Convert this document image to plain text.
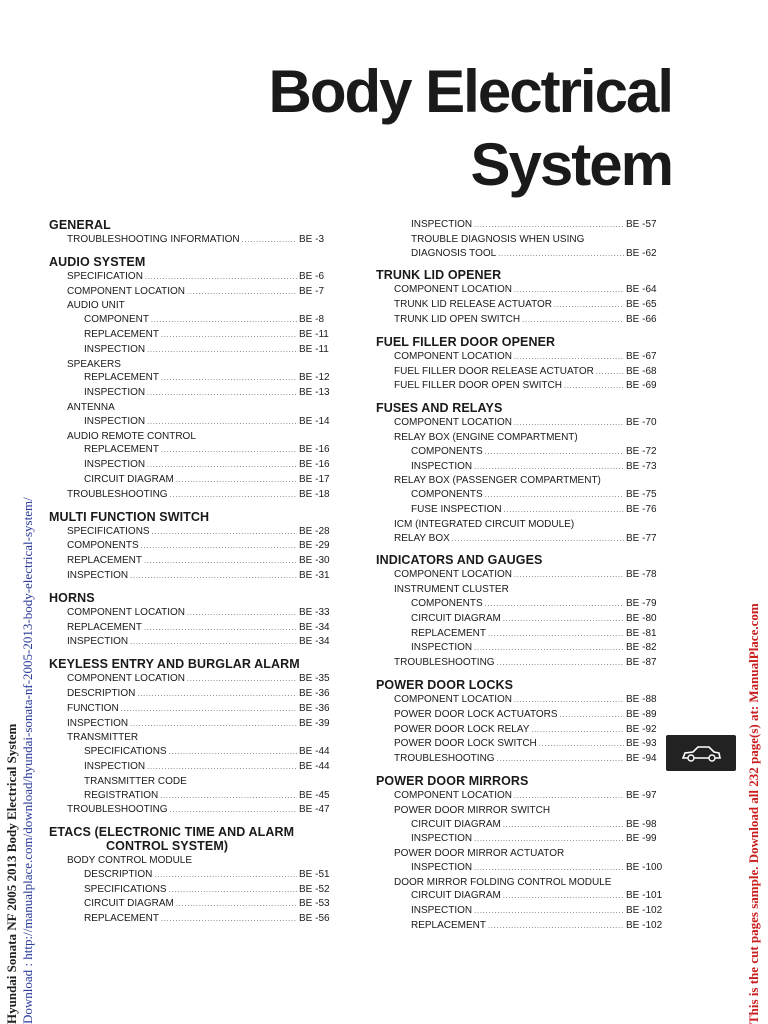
Body Electrical
System
GENERAL
TROUBLESHOOTING INFORMATION . . .	BE -3
AUDIO SYSTEM
SPECIFICATION . . .	BE -6
COMPONENT LOCATION . . .	BE -7
AUDIO UNIT
COMPONENT . . .	BE -8
REPLACEMENT . . .	BE -11
INSPECTION . . .	BE -11
SPEAKERS
REPLACEMENT . . .	BE -12
INSPECTION . . .	BE -13
ANTENNA
INSPECTION . . .	BE -14
AUDIO REMOTE CONTROL
REPLACEMENT . . .	BE -16
INSPECTION . . .	BE -16
CIRCUIT DIAGRAM . . .	BE -17
TROUBLESHOOTING . . .	BE -18
MULTI FUNCTION SWITCH
SPECIFICATIONS . . .	BE -28
COMPONENTS . . .	BE -29
REPLACEMENT . . .	BE -30
INSPECTION . . .	BE -31
HORNS
COMPONENT LOCATION . . .	BE -33
REPLACEMENT . . .	BE -34
INSPECTION . . .	BE -34
KEYLESS ENTRY AND BURGLAR ALARM
COMPONENT LOCATION . . .	BE -35
DESCRIPTION . . .	BE -36
FUNCTION . . .	BE -36
INSPECTION . . .	BE -39
TRANSMITTER
SPECIFICATIONS . . .	BE -44
INSPECTION . . .	BE -44
TRANSMITTER CODE
REGISTRATION . . .	BE -45
TROUBLESHOOTING . . .	BE -47
ETACS (ELECTRONIC TIME AND ALARM
CONTROL SYSTEM)
BODY CONTROL MODULE
DESCRIPTION . . .	BE -51
SPECIFICATIONS . . .	BE -52
CIRCUIT DIAGRAM . . .	BE -53
REPLACEMENT . . .	BE -56
INSPECTION . . .	BE -57
TROUBLE DIAGNOSIS WHEN USING
DIAGNOSIS TOOL . . .	BE -62
TRUNK LID OPENER
COMPONENT LOCATION . . .	BE -64
TRUNK LID RELEASE ACTUATOR . . .	BE -65
TRUNK LID OPEN SWITCH . . .	BE -66
FUEL FILLER DOOR OPENER
COMPONENT LOCATION . . .	BE -67
FUEL FILLER DOOR RELEASE ACTUATOR . . .	BE -68
FUEL FILLER DOOR OPEN SWITCH . . .	BE -69
FUSES AND RELAYS
COMPONENT LOCATION . . .	BE -70
RELAY BOX (ENGINE COMPARTMENT)
COMPONENTS . . .	BE -72
INSPECTION . . .	BE -73
RELAY BOX (PASSENGER COMPARTMENT)
COMPONENTS . . .	BE -75
FUSE INSPECTION . . .	BE -76
ICM (INTEGRATED CIRCUIT MODULE)
RELAY BOX . . .	BE -77
INDICATORS AND GAUGES
COMPONENT LOCATION . . .	BE -78
INSTRUMENT CLUSTER
COMPONENTS . . .	BE -79
CIRCUIT DIAGRAM . . .	BE -80
REPLACEMENT . . .	BE -81
INSPECTION . . .	BE -82
TROUBLESHOOTING . . .	BE -87
POWER DOOR LOCKS
COMPONENT LOCATION . . .	BE -88
POWER DOOR LOCK ACTUATORS . . .	BE -89
POWER DOOR LOCK RELAY . . .	BE -92
POWER DOOR LOCK SWITCH . . .	BE -93
TROUBLESHOOTING . . .	BE -94
POWER DOOR MIRRORS
COMPONENT LOCATION . . .	BE -97
POWER DOOR MIRROR SWITCH
CIRCUIT DIAGRAM . . .	BE -98
INSPECTION . . .	BE -99
POWER DOOR MIRROR ACTUATOR
INSPECTION . . .	BE -100
DOOR MIRROR FOLDING CONTROL MODULE
CIRCUIT DIAGRAM . . .	BE -101
INSPECTION . . .	BE -102
REPLACEMENT . . .	BE -102
Hyundai Sonata NF 2005 2013 Body Electrical System Download : http://manualplace.com/download/hyundai-sonata-nf-2005-2013-body-electrical-system/	This is the cut pages sample. Download all 232 page(s) at: ManualPlace.com
